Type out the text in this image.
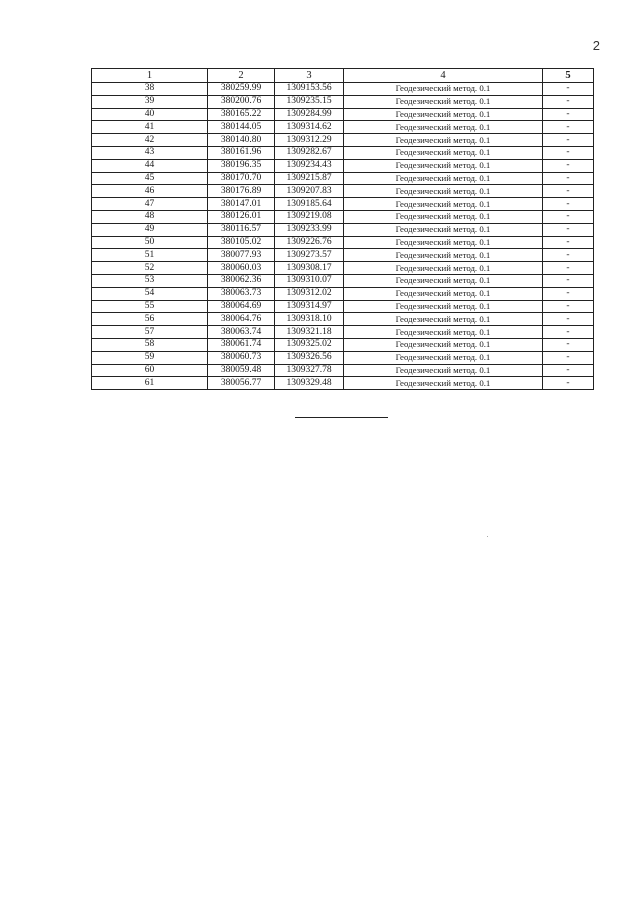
2
1	2	3	4	5
38	380259.99	1309153.56	Геодезический метод. 0.1	-
39	380200.76	1309235.15	Геодезический метод. 0.1	-
40	380165.22	1309284.99	Геодезический метод. 0.1	-
41	380144.05	1309314.62	Геодезический метод. 0.1	-
42	380140.80	1309312.29	Геодезический метод. 0.1	-
43	380161.96	1309282.67	Геодезический метод. 0.1	-
44	380196.35	1309234.43	Геодезический метод. 0.1	-
45	380170.70	1309215.87	Геодезический метод. 0.1	-
46	380176.89	1309207.83	Геодезический метод. 0.1	-
47	380147.01	1309185.64	Геодезический метод. 0.1	-
48	380126.01	1309219.08	Геодезический метод. 0.1	-
49	380116.57	1309233.99	Геодезический метод. 0.1	-
50	380105.02	1309226.76	Геодезический метод. 0.1	-
51	380077.93	1309273.57	Геодезический метод. 0.1	-
52	380060.03	1309308.17	Геодезический метод. 0.1	-
53	380062.36	1309310.07	Геодезический метод. 0.1	-
54	380063.73	1309312.02	Геодезический метод. 0.1	-
55	380064.69	1309314.97	Геодезический метод. 0.1	-
56	380064.76	1309318.10	Геодезический метод. 0.1	-
57	380063.74	1309321.18	Геодезический метод. 0.1	-
58	380061.74	1309325.02	Геодезический метод. 0.1	-
59	380060.73	1309326.56	Геодезический метод. 0.1	-
60	380059.48	1309327.78	Геодезический метод. 0.1	-
61	380056.77	1309329.48	Геодезический метод. 0.1	-
